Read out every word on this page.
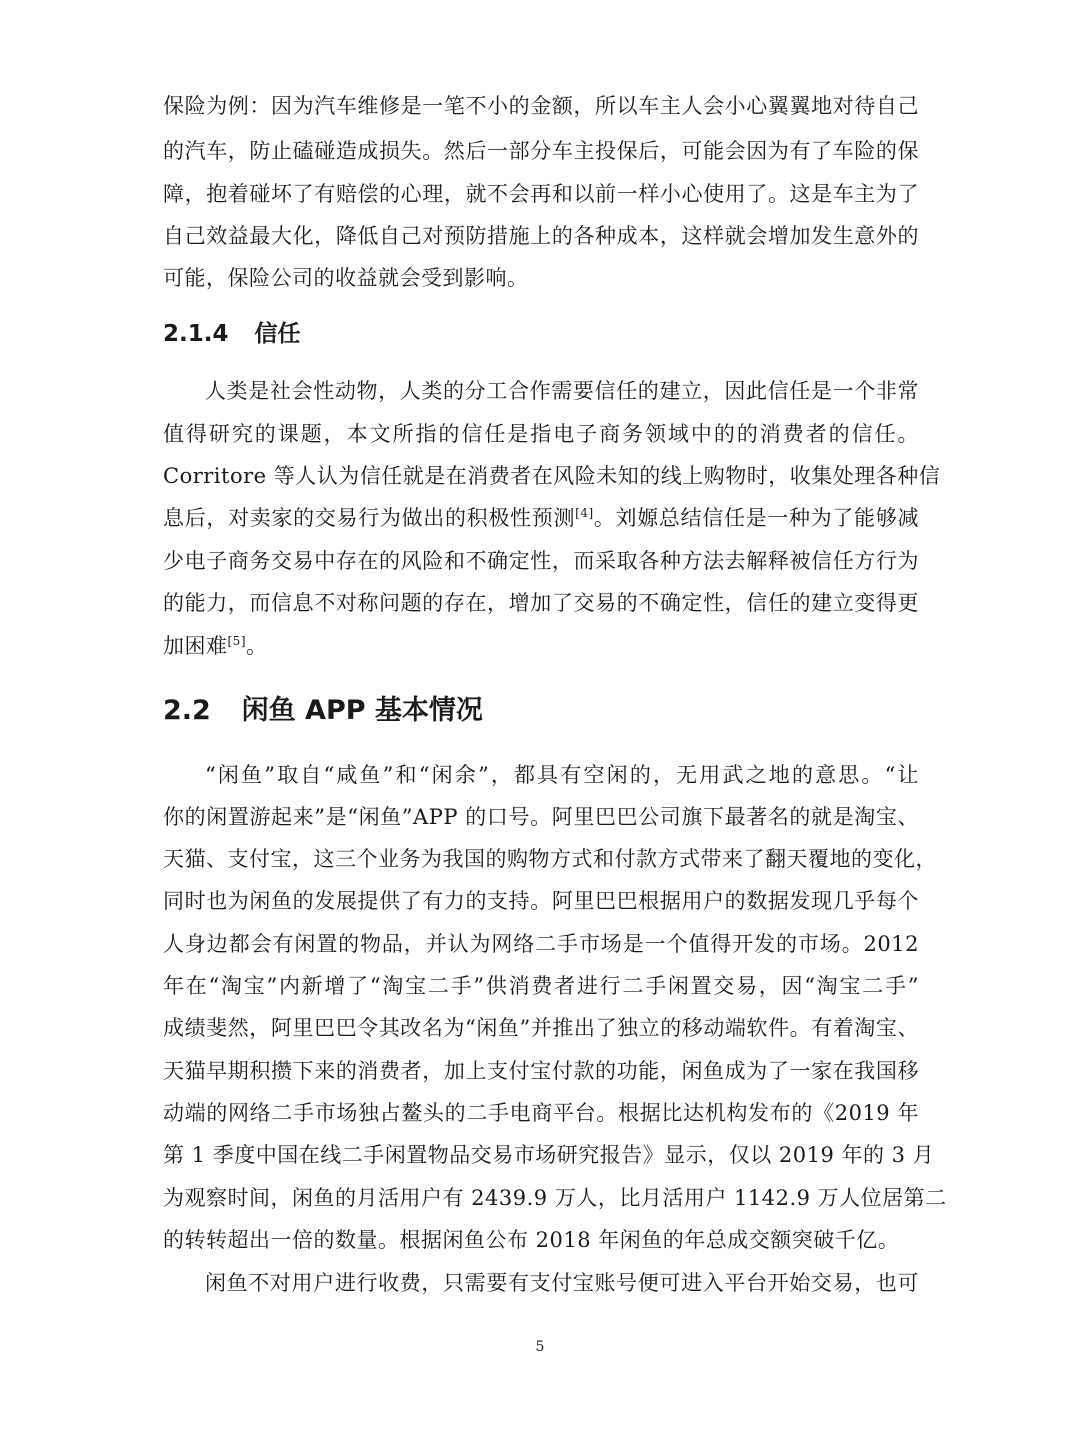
保险为例：因为汽车维修是一笔不小的金额，所以车主人会小心翼翼地对待自己
的汽车，防止磕碰造成损失。然后一部分车主投保后，可能会因为有了车险的保
障，抱着碰坏了有赔偿的心理，就不会再和以前一样小心使用了。这是车主为了
自己效益最大化，降低自己对预防措施上的各种成本，这样就会增加发生意外的
可能，保险公司的收益就会受到影响。
2.1.4 信任
人类是社会性动物，人类的分工合作需要信任的建立，因此信任是一个非常
值得研究的课题，本文所指的信任是指电子商务领域中的的消费者的信任。
Corritore 等人认为信任就是在消费者在风险未知的线上购物时，收集处理各种信
息后，对卖家的交易行为做出的积极性预测[4]。刘嫄总结信任是一种为了能够减
少电子商务交易中存在的风险和不确定性，而采取各种方法去解释被信任方行为
的能力，而信息不对称问题的存在，增加了交易的不确定性，信任的建立变得更
加困难[5]。
2.2 闲鱼 APP 基本情况
“闲鱼”取自“咸鱼”和“闲余”，都具有空闲的，无用武之地的意思。“让
你的闲置游起来”是“闲鱼”APP 的口号。阿里巴巴公司旗下最著名的就是淘宝、
天猫、支付宝，这三个业务为我国的购物方式和付款方式带来了翻天覆地的变化，
同时也为闲鱼的发展提供了有力的支持。阿里巴巴根据用户的数据发现几乎每个
人身边都会有闲置的物品，并认为网络二手市场是一个值得开发的市场。2012
年在“淘宝”内新增了“淘宝二手”供消费者进行二手闲置交易，因“淘宝二手”
成绩斐然，阿里巴巴令其改名为“闲鱼”并推出了独立的移动端软件。有着淘宝、
天猫早期积攒下来的消费者，加上支付宝付款的功能，闲鱼成为了一家在我国移
动端的网络二手市场独占鳌头的二手电商平台。根据比达机构发布的《2019 年
第 1 季度中国在线二手闲置物品交易市场研究报告》显示，仅以 2019 年的 3 月
为观察时间，闲鱼的月活用户有 2439.9 万人，比月活用户 1142.9 万人位居第二
的转转超出一倍的数量。根据闲鱼公布 2018 年闲鱼的年总成交额突破千亿。
闲鱼不对用户进行收费，只需要有支付宝账号便可进入平台开始交易，也可
5
